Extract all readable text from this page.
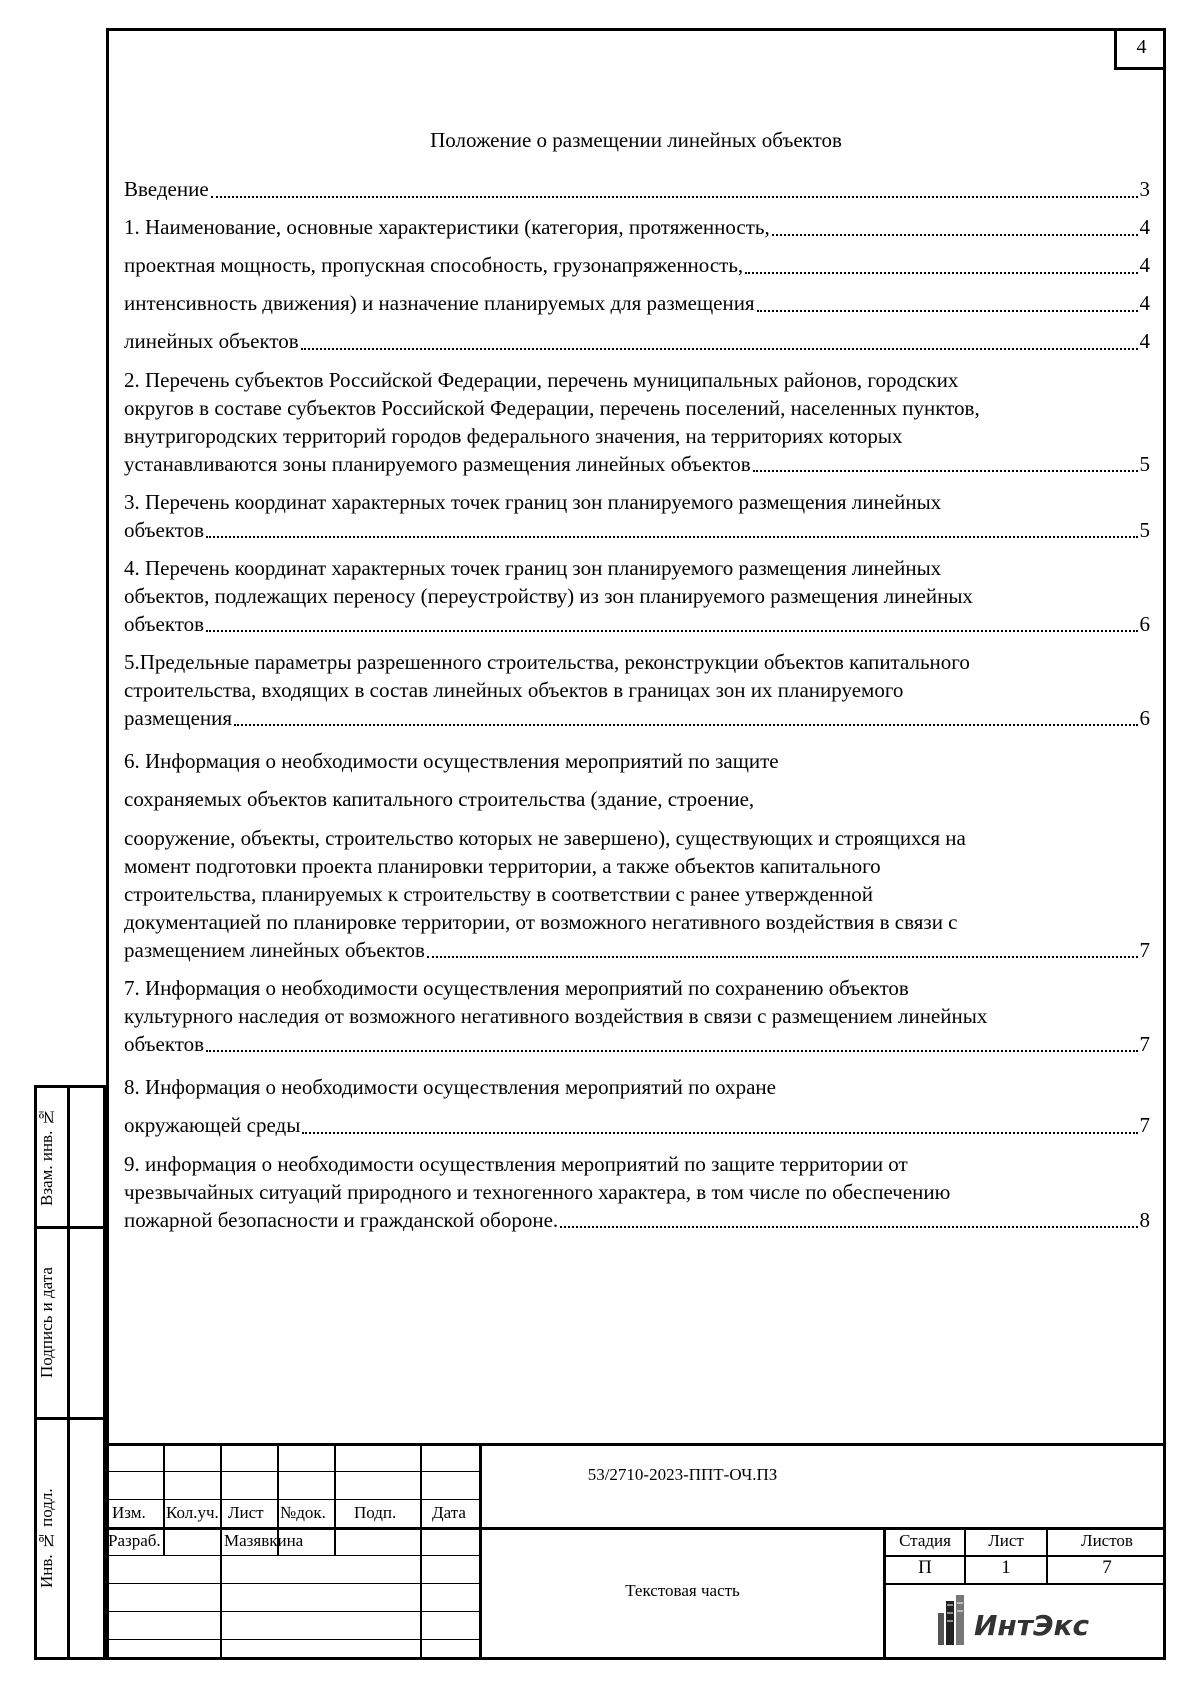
4
Положение о размещении линейных объектов
Введение	3
1. Наименование, основные характеристики (категория, протяженность,	4
проектная мощность, пропускная способность, грузонапряженность,	4
интенсивность движения) и назначение планируемых для размещения	4
линейных объектов	4
2. Перечень субъектов Российской Федерации, перечень муниципальных районов, городских
округов в составе субъектов Российской Федерации, перечень поселений, населенных пунктов,
внутригородских территорий городов федерального значения, на территориях которых
устанавливаются зоны планируемого размещения линейных объектов	5
3. Перечень координат характерных точек границ зон планируемого размещения линейных
объектов	5
4. Перечень координат характерных точек границ зон планируемого размещения линейных
объектов, подлежащих переносу (переустройству) из зон планируемого размещения линейных
объектов	6
5.Предельные параметры разрешенного строительства, реконструкции объектов капитального
строительства, входящих в состав линейных объектов в границах зон их планируемого
размещения	6
6. Информация о необходимости осуществления мероприятий по защите
сохраняемых объектов капитального строительства (здание, строение,
сооружение, объекты, строительство которых не завершено), существующих и строящихся на
момент подготовки проекта планировки территории, а также объектов капитального
строительства, планируемых к строительству в соответствии с ранее утвержденной
документацией по планировке территории, от возможного негативного воздействия в связи с
размещением линейных объектов	7
7. Информация о необходимости осуществления мероприятий по сохранению объектов
культурного наследия от возможного негативного воздействия в связи с размещением линейных
объектов	7
8. Информация о необходимости осуществления мероприятий по охране
окружающей среды	7
9. информация о необходимости осуществления мероприятий по защите территории от
чрезвычайных ситуаций природного и техногенного характера, в том числе по обеспечению
пожарной безопасности и гражданской обороне.	8
Взам. инв. №
Подпись и дата
Инв. № подл.	Изм. Кол.уч. Лист №док. Подп. Дата
Разраб.	Мазявкина
53/2710-2023-ППТ-ОЧ.ПЗ
Текстовая часть
Стадия	Лист	Листов
П	1	7
ИнтЭкс
